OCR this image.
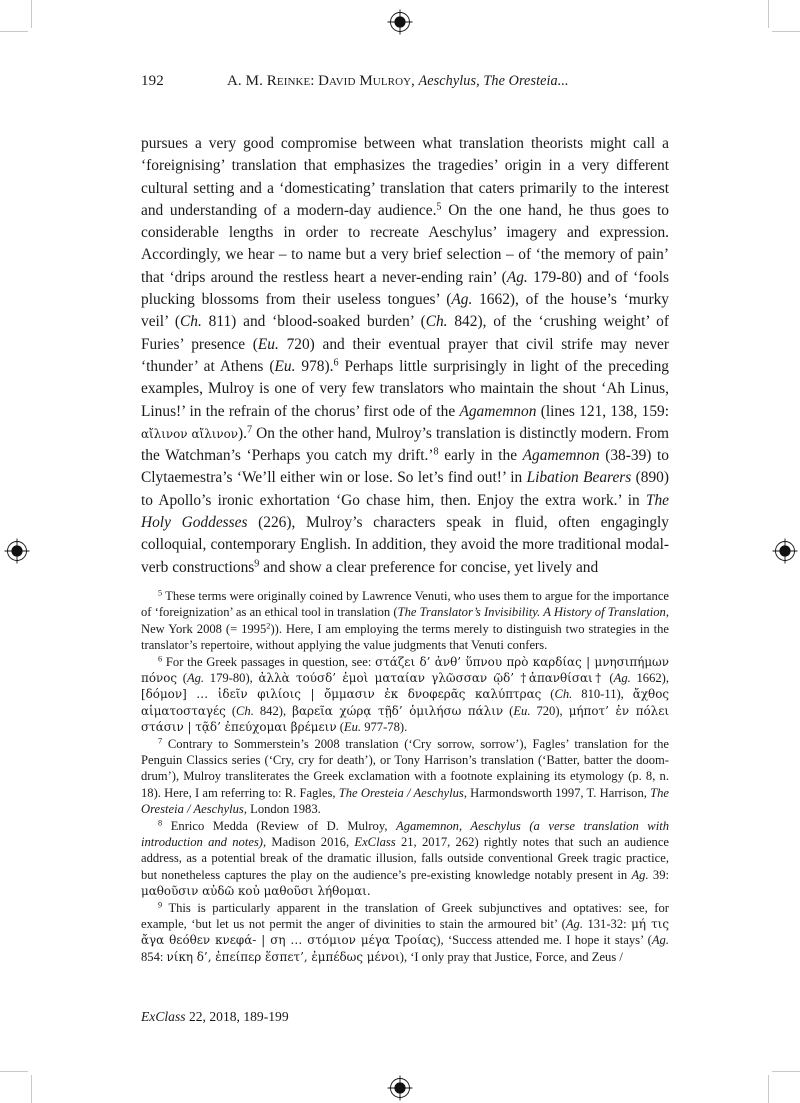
192	A. M. Reinke: David Mulroy, Aeschylus, The Oresteia...
pursues a very good compromise between what translation theorists might call a ‘foreignising’ translation that emphasizes the tragedies’ origin in a very different cultural setting and a ‘domesticating’ translation that caters primarily to the interest and understanding of a modern-day audience.$^5$ On the one hand, he thus goes to considerable lengths in order to recreate Aeschylus’ imagery and expression. Accordingly, we hear – to name but a very brief selection – of ‘the memory of pain’ that ‘drips around the restless heart a never-ending rain’ (Ag. 179-80) and of ‘fools plucking blossoms from their useless tongues’ (Ag. 1662), of the house’s ‘murky veil’ (Ch. 811) and ‘blood-soaked burden’ (Ch. 842), of the ‘crushing weight’ of Furies’ presence (Eu. 720) and their eventual prayer that civil strife may never ‘thunder’ at Athens (Eu. 978).$^6$ Perhaps little surprisingly in light of the preceding examples, Mulroy is one of very few translators who maintain the shout ‘Ah Linus, Linus!’ in the refrain of the chorus’ first ode of the Agamemnon (lines 121, 138, 159: αἴλινον αἴλινον).$^7$ On the other hand, Mulroy’s translation is distinctly modern. From the Watchman’s ‘Perhaps you catch my drift.’$^8$ early in the Agamemnon (38-39) to Clytaemestra’s ‘We’ll either win or lose. So let’s find out!’ in Libation Bearers (890) to Apollo’s ironic exhortation ‘Go chase him, then. Enjoy the extra work.’ in The Holy Goddesses (226), Mulroy’s characters speak in fluid, often engagingly colloquial, contemporary English. In addition, they avoid the more traditional modal-verb constructions$^9$ and show a clear preference for concise, yet lively and

$^5$ These terms were originally coined by Lawrence Venuti, who uses them to argue for the importance of ‘foreignization’ as an ethical tool in translation (The Translator’s Invisibility. A History of Translation, New York 2008 (= $1995^2$)). Here, I am employing the terms merely to distinguish two strategies in the translator’s repertoire, without applying the value judgments that Venuti confers.

$^6$ For the Greek passages in question, see: στάζει δ’ ἀνθ’ ὕπνου πρὸ καρδίας | μνησιπήμων πόνος (Ag. 179-80), ἀλλὰ τούσδ’ ἐμοὶ ματαίαν γλῶσσαν ῷδ’ †ἀπανθίσαι† (Ag. 1662), [δόμον] … ἰδεῖν φιλίοις | ὄμμασιν ἐκ δνοφερᾶς καλύπτρας (Ch. 810-11), ἄχθος αἱματοσταγές (Ch. 842), βαρεῖα χώρᾳ τῇδ’ ὁμιλήσω πάλιν (Eu. 720), μήποτ’ ἐν πόλει στάσιν | τᾷδ’ ἐπεύχομαι βρέμειν (Eu. 977-78).

$^7$ Contrary to Sommerstein’s 2008 translation (‘Cry sorrow, sorrow’), Fagles’ translation for the Penguin Classics series (‘Cry, cry for death’), or Tony Harrison’s translation (‘Batter, batter the doom-drum’), Mulroy transliterates the Greek exclamation with a footnote explaining its etymology (p. 8, n. 18). Here, I am referring to: R. Fagles, The Oresteia / Aeschylus, Harmondsworth 1997, T. Harrison, The Oresteia / Aeschylus, London 1983.

$^8$ Enrico Medda (Review of D. Mulroy, Agamemnon, Aeschylus (a verse translation with introduction and notes), Madison 2016, ExClass 21, 2017, 262) rightly notes that such an audience address, as a potential break of the dramatic illusion, falls outside conventional Greek tragic practice, but nonetheless captures the play on the audience’s pre-existing knowledge notably present in Ag. 39: μαθοῦσιν αὐδῶ κοὐ μαθοῦσι λήθομαι.

$^9$ This is particularly apparent in the translation of Greek subjunctives and optatives: see, for example, ‘but let us not permit the anger of divinities to stain the armoured bit’ (Ag. 131-32: μή τις ἄγα θεόθεν κνεφά- | ση … στόμιον μέγα Τροίας), ‘Success attended me. I hope it stays’ (Ag. 854: νίκη δ’, ἐπείπερ ἕσπετ’, ἐμπέδως μένοι), ‘I only pray that Justice, Force, and Zeus /

ExClass 22, 2018, 189-199
